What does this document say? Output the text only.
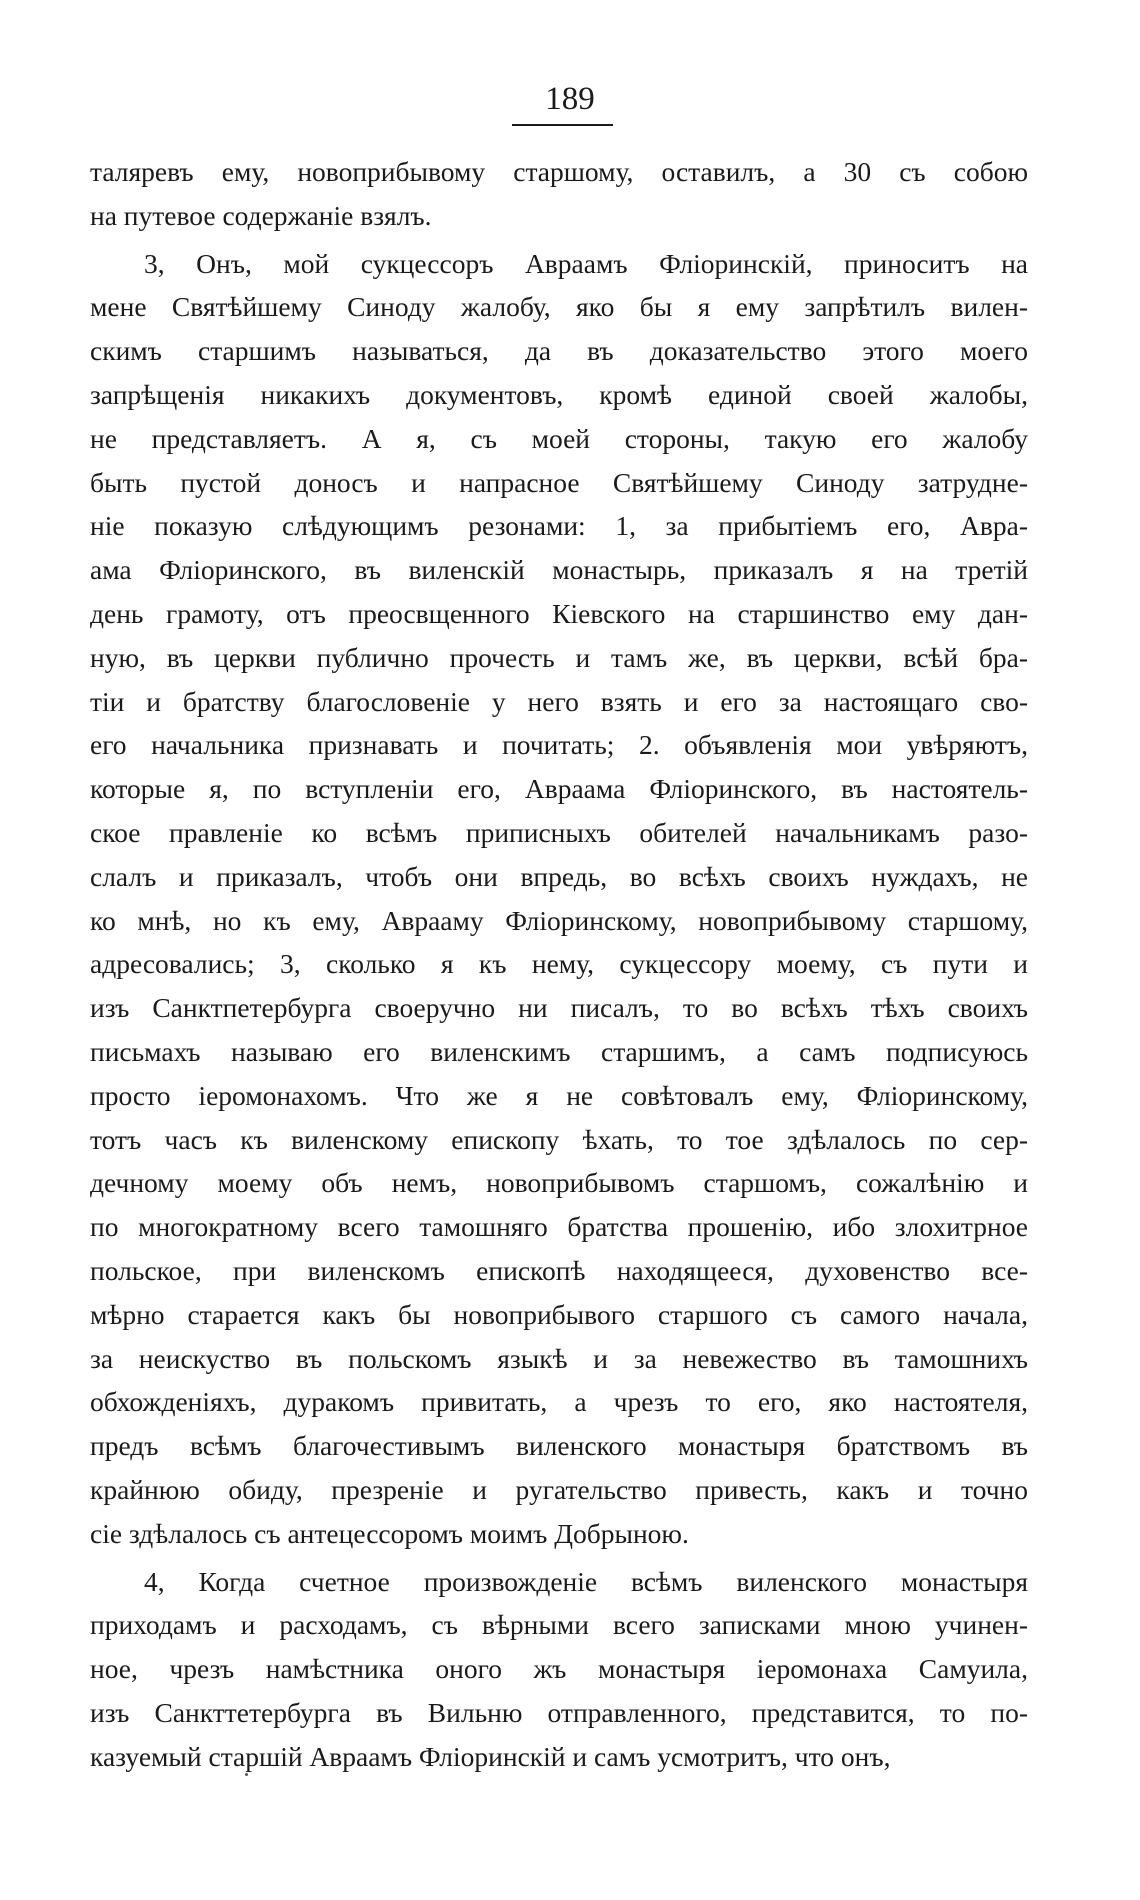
189
таляревъ ему, новоприбывому старшому, оставилъ, а 30 съ собою
на путевое содержаніе взялъ.
3, Онъ, мой сукцессоръ Авраамъ Фліоринскій, приноситъ на
мене Святѣйшему Синоду жалобу, яко бы я ему запрѣтилъ вилен-
скимъ старшимъ называться, да въ доказательство этого моего
запрѣщенія никакихъ документовъ, кромѣ единой своей жалобы,
не представляетъ. А я, съ моей стороны, такую его жалобу
быть пустой доносъ и напрасное Святѣйшему Синоду затрудне-
ніе показую слѣдующимъ резонами: 1, за прибытіемъ его, Авра-
ама Фліоринского, въ виленскій монастырь, приказалъ я на третій
день грамоту, отъ преосвщенного Кіевского на старшинство ему дан-
ную, въ церкви публично прочесть и тамъ же, въ церкви, всѣй бра-
тіи и братству благословеніе у него взять и его за настоящаго сво-
его начальника признавать и почитать; 2. объявленія мои увѣряютъ,
которые я, по вступленіи его, Авраама Фліоринского, въ настоятель-
ское правленіе ко всѣмъ приписныхъ обителей начальникамъ разо-
слалъ и приказалъ, чтобъ они впредь, во всѣхъ своихъ нуждахъ, не
ко мнѣ, но къ ему, Аврааму Фліоринскому, новоприбывому старшому,
адресовались; 3, сколько я къ нему, сукцессору моему, съ пути и
изъ Санктпетербурга своеручно ни писалъ, то во всѣхъ тѣхъ своихъ
письмахъ называю его виленскимъ старшимъ, а самъ подписуюсь
просто іеромонахомъ. Что же я не совѣтовалъ ему, Фліоринскому,
тотъ часъ къ виленскому епископу ѣхать, то тое здѣлалось по сер-
дечному моему объ немъ, новоприбывомъ старшомъ, сожалѣнію и
по многократному всего тамошняго братства прошенію, ибо злохитрное
польское, при виленскомъ епископѣ находящееся, духовенство все-
мѣрно старается какъ бы новоприбывого старшого съ самого начала,
за неискуство въ польскомъ языкѣ и за невежество въ тамошнихъ
обхожденіяхъ, дуракомъ привитать, а чрезъ то его, яко настоятеля,
предъ всѣмъ благочестивымъ виленского монастыря братствомъ въ
крайнюю обиду, презреніе и ругательство привесть, какъ и точно
сіе здѣлалось съ антецессоромъ моимъ Добрыною.
4, Когда счетное произвожденіе всѣмъ виленского монастыря
приходамъ и расходамъ, съ вѣрными всего записками мною учинен-
ное, чрезъ намѣстника оного жъ монастыря іеромонаха Самуила,
изъ Санкттетербурга въ Вильню отправленного, представится, то по-
казуемый старшій Авраамъ Фліоринскій и самъ усмотритъ, что онъ,
